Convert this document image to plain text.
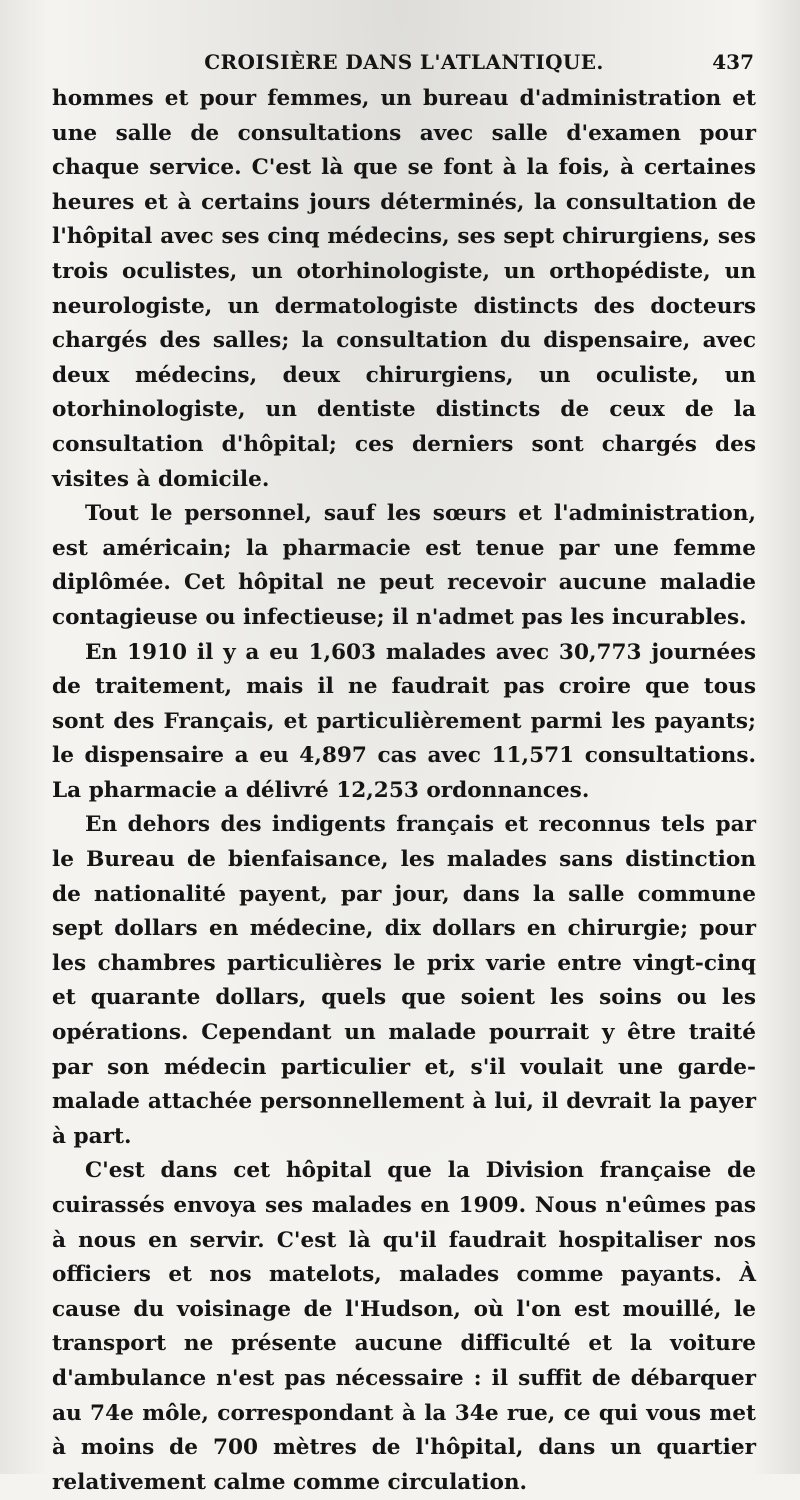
CROISIÈRE DANS L'ATLANTIQUE.	437

hommes et pour femmes, un bureau d'administration et une salle de consultations avec salle d'examen pour chaque service. C'est là que se font à la fois, à certaines heures et à certains jours déterminés, la consultation de l'hôpital avec ses cinq médecins, ses sept chirurgiens, ses trois oculistes, un otorhinologiste, un orthopédiste, un neurologiste, un dermatologiste distincts des docteurs chargés des salles; la consultation du dispensaire, avec deux médecins, deux chirurgiens, un oculiste, un otorhinologiste, un dentiste distincts de ceux de la consultation d'hôpital; ces derniers sont chargés des visites à domicile.

Tout le personnel, sauf les sœurs et l'administration, est américain; la pharmacie est tenue par une femme diplômée. Cet hôpital ne peut recevoir aucune maladie contagieuse ou infectieuse; il n'admet pas les incurables.

En 1910 il y a eu 1,603 malades avec 30,773 journées de traitement, mais il ne faudrait pas croire que tous sont des Français, et particulièrement parmi les payants; le dispensaire a eu 4,897 cas avec 11,571 consultations. La pharmacie a délivré 12,253 ordonnances.

En dehors des indigents français et reconnus tels par le Bureau de bienfaisance, les malades sans distinction de nationalité payent, par jour, dans la salle commune sept dollars en médecine, dix dollars en chirurgie; pour les chambres particulières le prix varie entre vingt-cinq et quarante dollars, quels que soient les soins ou les opérations. Cependant un malade pourrait y être traité par son médecin particulier et, s'il voulait une garde-malade attachée personnellement à lui, il devrait la payer à part.

C'est dans cet hôpital que la Division française de cuirassés envoya ses malades en 1909. Nous n'eûmes pas à nous en servir. C'est là qu'il faudrait hospitaliser nos officiers et nos matelots, malades comme payants. À cause du voisinage de l'Hudson, où l'on est mouillé, le transport ne présente aucune difficulté et la voiture d'ambulance n'est pas nécessaire : il suffit de débarquer au 74e môle, correspondant à la 34e rue, ce qui vous met à moins de 700 mètres de l'hôpital, dans un quartier relativement calme comme circulation.
